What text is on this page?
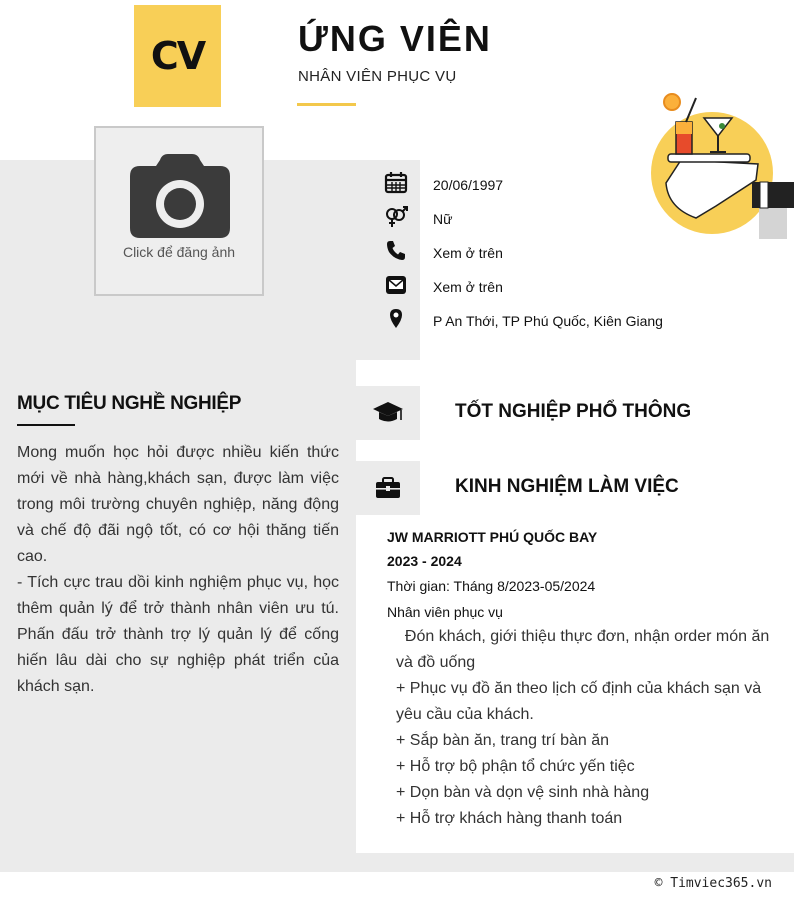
CV	ỨNG VIÊN
NHÂN VIÊN PHỤC VỤ
Click để đăng ảnh
20/06/1997
Nữ
Xem ở trên
Xem ở trên
P An Thới, TP Phú Quốc, Kiên Giang
MỤC TIÊU NGHỀ NGHIỆP

Mong muốn học hỏi được nhiều kiến thức mới về nhà hàng,khách sạn, được làm việc trong môi trường chuyên nghiệp, năng động và chế độ đãi ngộ tốt, có cơ hội thăng tiến cao.

- Tích cực trau dồi kinh nghiệm phục vụ, học thêm quản lý để trở thành nhân viên ưu tú. Phấn đấu trở thành trợ lý quản lý để cống hiến lâu dài cho sự nghiệp phát triển của khách sạn.

TỐT NGHIỆP PHỔ THÔNG
KINH NGHIỆM LÀM VIỆC
JW MARRIOTT PHÚ QUỐC BAY
2023 - 2024
Thời gian: Tháng 8/2023-05/2024
Nhân viên phục vụ
Đón khách, giới thiệu thực đơn, nhận order món ăn và đồ uống
+ Phục vụ đồ ăn theo lịch cố định của khách sạn và yêu cầu của khách.
+ Sắp bàn ăn, trang trí bàn ăn
+ Hỗ trợ bộ phận tổ chức yến tiệc
+ Dọn bàn và dọn vệ sinh nhà hàng
+ Hỗ trợ khách hàng thanh toán
© Timviec365.vn
